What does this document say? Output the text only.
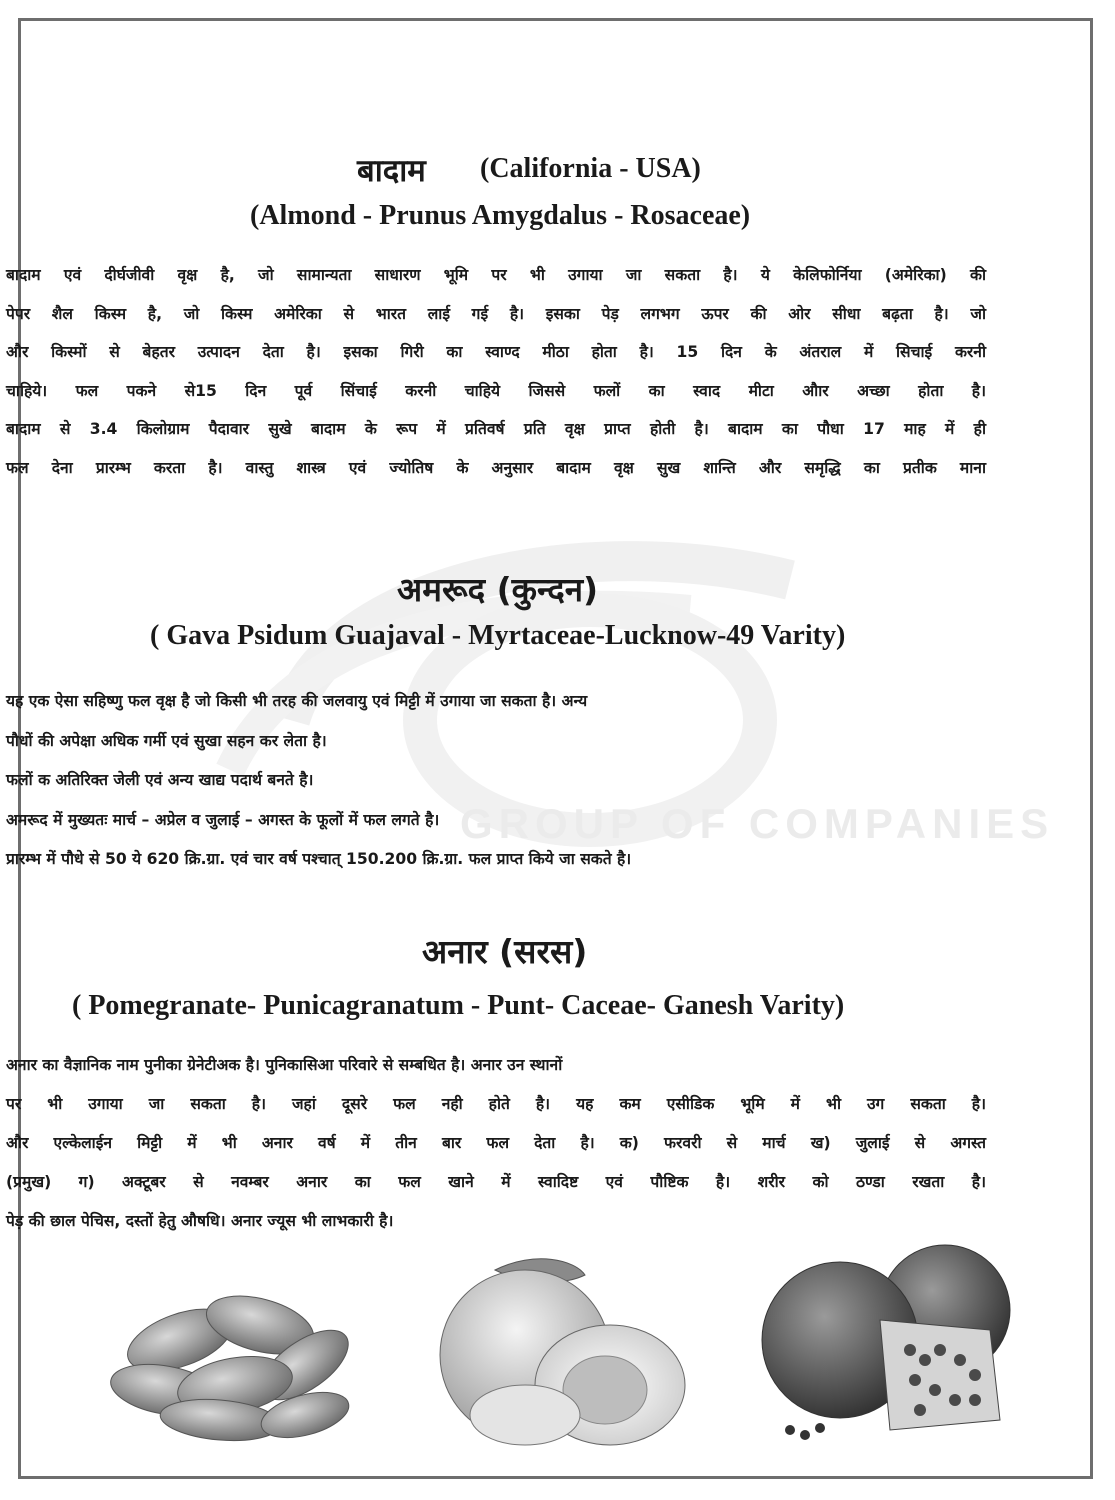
GROUP OF COMPANIES
बादाम (California - USA)
(Almond - Prunus Amygdalus - Rosaceae)
बादाम एवं दीर्घजीवी वृक्ष है, जो सामान्यता साधारण भूमि पर भी उगाया जा सकता है। ये केलिफोर्निया (अमेरिका) की
पेपर शैल किस्म है, जो किस्म अमेरिका से भारत लाई गई है। इसका पेड़ लगभग ऊपर की ओर सीधा बढ़ता है। जो
और किस्मों से बेहतर उत्पादन देता है। इसका गिरी का स्वाण्द मीठा होता है। 15 दिन के अंतराल में सिचाई करनी
चाहिये। फल पकने से15 दिन पूर्व सिंचाई करनी चाहिये जिससे फलों का स्वाद मीटा औार अच्छा होता है।
बादाम से 3.4 किलोग्राम पैदावार सुखे बादाम के रूप में प्रतिवर्ष प्रति वृक्ष प्राप्त होती है। बादाम का पौधा 17 माह में ही
फल देना प्रारम्भ करता है। वास्तु शास्त्र एवं ज्योतिष के अनुसार बादाम वृक्ष सुख शान्ति और समृद्धि का प्रतीक माना
अमरूद (कुन्दन)
( Gava Psidum Guajaval - Myrtaceae-Lucknow-49 Varity)
यह एक ऐसा सहिष्णु फल वृक्ष है जो किसी भी तरह की जलवायु एवं मिट्टी में उगाया जा सकता है। अन्य
पौधों की अपेक्षा अधिक गर्मी एवं सुखा सहन कर लेता है।
फलों क अतिरिक्त जेली एवं अन्य खाद्य पदार्थ बनते है।
अमरूद में मुख्यतः मार्च – अप्रेल व जुलाई – अगस्त के फूलों में फल लगते है।
प्रारम्भ में पौधे से 50 ये 620 क्रि.ग्रा. एवं चार वर्ष पश्चात् 150.200 क्रि.ग्रा. फल प्राप्त किये जा सकते है।
अनार (सरस)
( Pomegranate- Punicagranatum - Punt- Caceae- Ganesh Varity)
अनार का वैज्ञानिक नाम पुनीका ग्रेनेटीअक है। पुनिकासिआ परिवारे से सम्बधित है। अनार उन स्थानों
पर भी उगाया जा सकता है। जहां दूसरे फल नही होते है। यह कम एसीडिक भूमि में भी उग सकता है।
और एल्केलाईन मिट्टी में भी अनार वर्ष में तीन बार फल देता है। क) फरवरी से मार्च ख) जुलाई से अगस्त
(प्रमुख) ग) अक्टूबर से नवम्बर अनार का फल खाने में स्वादिष्ट एवं पौष्टिक है। शरीर को ठण्डा रखता है।
पेड़ की छाल पेचिस, दस्तों हेतु औषधि। अनार ज्यूस भी लाभकारी है।
